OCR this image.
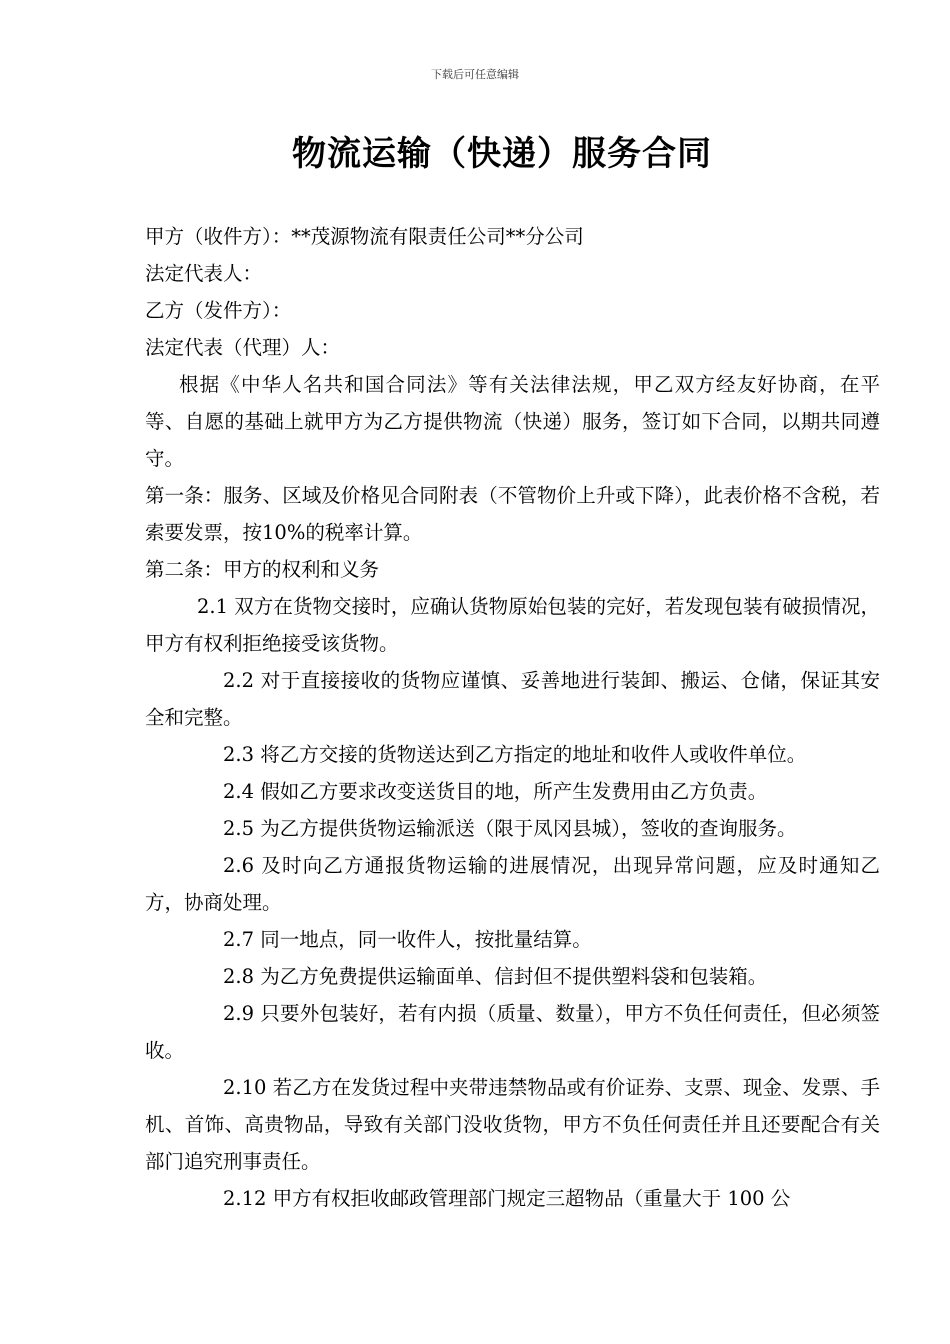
下载后可任意编辑
物流运输（快递）服务合同
甲方（收件方）：**茂源物流有限责任公司**分公司
法定代表人：
乙方（发件方）：
法定代表（代理）人：
根据《中华人名共和国合同法》等有关法律法规，甲乙双方经友好协商，在平等、自愿的基础上就甲方为乙方提供物流（快递）服务，签订如下合同，以期共同遵守。
第一条：服务、区域及价格见合同附表（不管物价上升或下降），此表价格不含税，若索要发票，按10%的税率计算。
第二条：甲方的权利和义务
2.1 双方在货物交接时，应确认货物原始包装的完好，若发现包装有破损情况，甲方有权利拒绝接受该货物。
2.2 对于直接接收的货物应谨慎、妥善地进行装卸、搬运、仓储，保证其安全和完整。
2.3 将乙方交接的货物送达到乙方指定的地址和收件人或收件单位。
2.4 假如乙方要求改变送货目的地，所产生发费用由乙方负责。
2.5 为乙方提供货物运输派送（限于凤冈县城），签收的查询服务。
2.6 及时向乙方通报货物运输的进展情况，出现异常问题，应及时通知乙方，协商处理。
2.7 同一地点，同一收件人，按批量结算。
2.8 为乙方免费提供运输面单、信封但不提供塑料袋和包装箱。
2.9 只要外包装好，若有内损（质量、数量），甲方不负任何责任，但必须签收。
2.10 若乙方在发货过程中夹带违禁物品或有价证券、支票、现金、发票、手机、首饰、高贵物品，导致有关部门没收货物，甲方不负任何责任并且还要配合有关部门追究刑事责任。
2.12 甲方有权拒收邮政管理部门规定三超物品（重量大于 100 公
